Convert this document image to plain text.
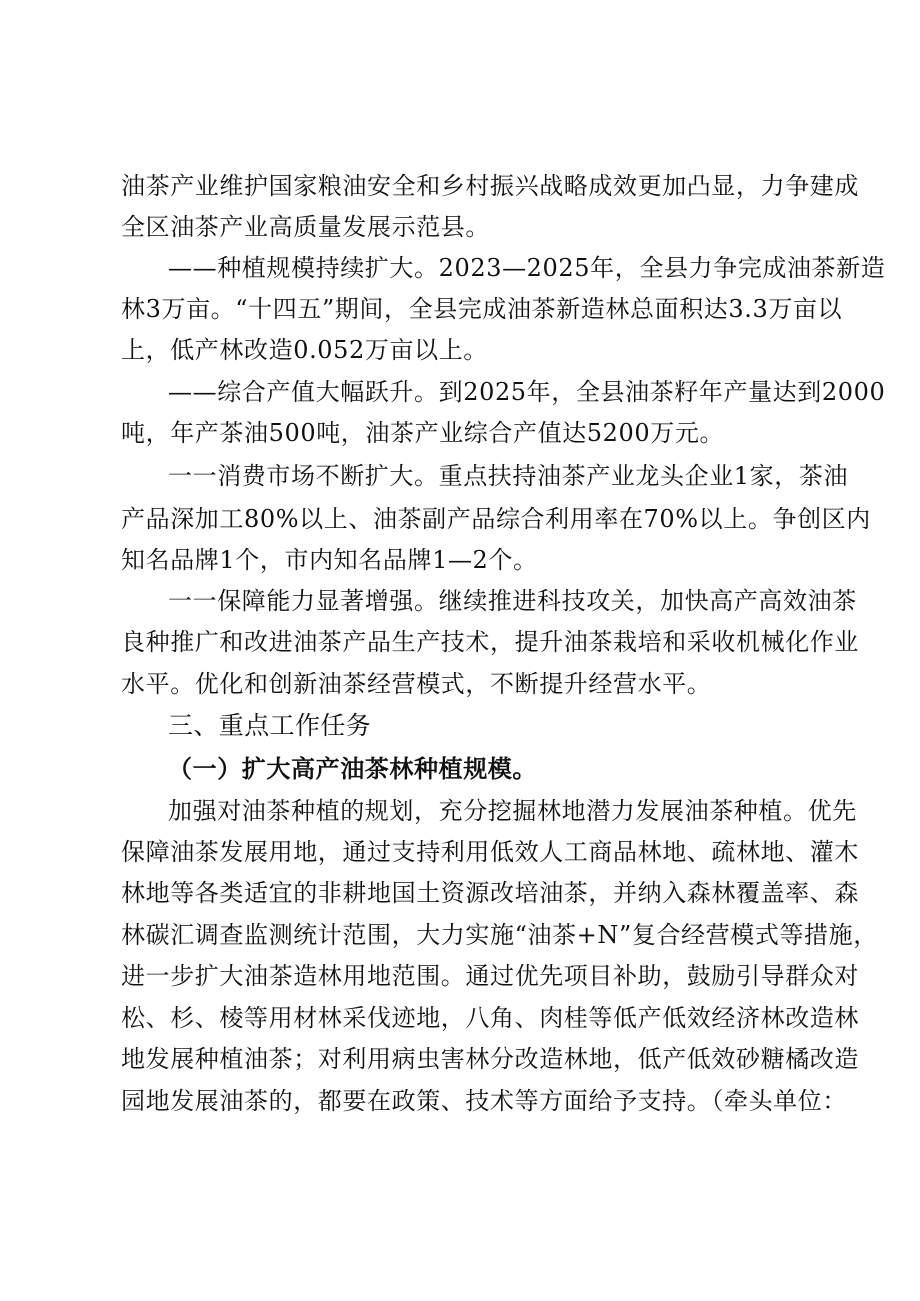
油茶产业维护国家粮油安全和乡村振兴战略成效更加凸显，力争建成
全区油茶产业高质量发展示范县。
——种植规模持续扩大。2023—2025年，全县力争完成油茶新造
林3万亩。“十四五”期间，全县完成油茶新造林总面积达3.3万亩以
上，低产林改造0.052万亩以上。
——综合产值大幅跃升。到2025年，全县油茶籽年产量达到2000
吨，年产茶油500吨，油茶产业综合产值达5200万元。
一一消费市场不断扩大。重点扶持油茶产业龙头企业1家，茶油
产品深加工80%以上、油茶副产品综合利用率在70%以上。争创区内
知名品牌1个，市内知名品牌1—2个。
一一保障能力显著增强。继续推进科技攻关，加快高产高效油茶
良种推广和改进油茶产品生产技术，提升油茶栽培和采收机械化作业
水平。优化和创新油茶经营模式，不断提升经营水平。
三、重点工作任务
（一）扩大高产油茶林种植规模。
加强对油茶种植的规划，充分挖掘林地潜力发展油茶种植。优先
保障油茶发展用地，通过支持利用低效人工商品林地、疏林地、灌木
林地等各类适宜的非耕地国土资源改培油茶，并纳入森林覆盖率、森
林碳汇调查监测统计范围，大力实施“油茶+N”复合经营模式等措施，
进一步扩大油茶造林用地范围。通过优先项目补助，鼓励引导群众对
松、杉、棱等用材林采伐迹地，八角、肉桂等低产低效经济林改造林
地发展种植油茶；对利用病虫害林分改造林地，低产低效砂糖橘改造
园地发展油茶的，都要在政策、技术等方面给予支持。（牵头单位：
